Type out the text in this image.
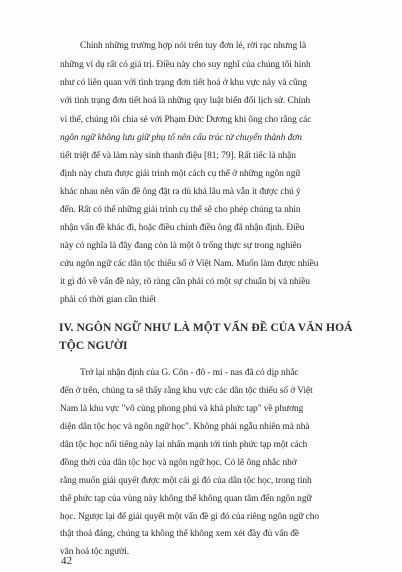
Chính những trường hợp nói trên tuy đơn lẻ, rời rạc nhưng là
những ví dụ rất có giá trị. Điều này cho suy nghĩ của chúng tôi hình
như có liên quan với tình trạng đơn tiết hoá ở khu vực này và cũng
với tình trạng đơn tiết hoá là những quy luật biến đổi lịch sử. Chính
vì thế, chúng tôi chia sẻ với Phạm Đức Dương khi ông cho rằng các
ngôn ngữ không lưu giữ phụ tố nên cấu trúc từ chuyển thành đơn
tiết triệt để và làm này sinh thanh điệu [81; 79]. Rất tiếc là nhận
định này chưa được giải trình một cách cụ thể ở những ngôn ngữ
khác nhau nên vấn đề ông đặt ra dù khá lâu mà vẫn ít được chú ý
đến. Rất có thể những giải trình cụ thể sẽ cho phép chúng ta nhìn
nhận vấn đề khác đi, hoặc điều chỉnh điều ông đã nhận định. Điều
này có nghĩa là đây đang còn là một ô trống thực sự trong nghiên
cứu ngôn ngữ các dân tộc thiểu số ở Việt Nam. Muốn làm được nhiều
ít gì đó về vấn đề này, rõ ràng cần phải có một sự chuẩn bị và nhiều
phải có thời gian cần thiết
IV. NGÔN NGỮ NHƯ LÀ MỘT VẤN ĐỀ CỦA VĂN HOÁ
TỘC NGƯỜI
Trở lại nhận định của G. Côn - đô - mi - nas đã có dịp nhắc
đến ở trên, chúng ta sẽ thấy rằng khu vực các dân tộc thiểu số ở Việt
Nam là khu vực "vô cùng phong phú và khả phức tạp" về phương
diện dân tộc học và ngôn ngữ học". Không phải ngẫu nhiên mà nhà
dân tộc học nổi tiếng này lại nhấn mạnh tới tính phức tạp một cách
đồng thời của dân tộc học và ngôn ngữ học. Có lẽ ông nhắc nhở
rằng muốn giải quyết được một cái gì đó của dân tộc học, trong tình
thế phức tạp của vùng này không thể không quan tâm đến ngôn ngữ
học. Ngược lại để giải quyết một vấn đề gì đó của riêng ngôn ngữ cho
thật thoả đáng, chúng ta không thể không xem xét đầy đủ vấn đề
văn hoá tộc người.
42
